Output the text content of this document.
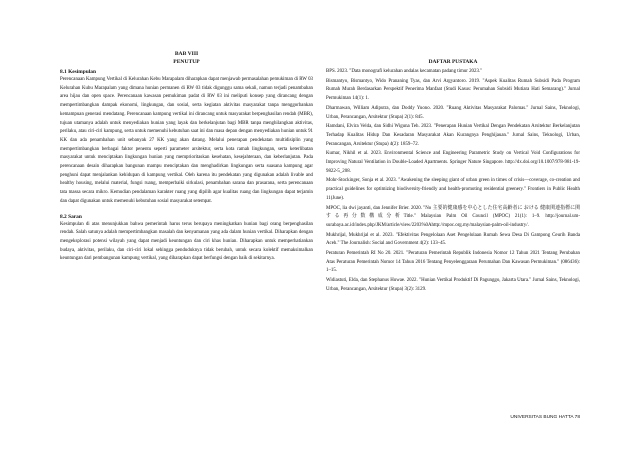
BAB VIII
PENUTUP
8.1 Kesimpulan

Perencanaan Kampung Vertikal di Kelurahan Kebu Marapalam diharapkan dapat menjawab permasalahan pemukiman di RW 03 Kelurahan Kubu Marapalam yang dimana hunian permanen di RW 03 tidak digunggu sama sekali, namun terjadi penambahan area hijau dan open space. Perencanaan kawasan pemukiman padat di RW 03 ini meliputi konsep yang dirancang dengan mempertimbangkan dampak ekonomi, lingkungan, dan sosial, serta kegiatan aktivitas masyarakat tanpa menggorbankan kemampuan generasi mendatang. Perencanaan kampung vertikal ini dirancang untuk masyarakat berpenghasilan rendah (MBR), tujuan utamanya adalah untuk menyediakan hunian yang layak dan berkelanjutan bagi MBR tanpa menghilangkan aktivitas, perilaku, atau ciri-ciri kampung, serta untuk memenuhi kebutuhan saat ini dan masa depan dengan menyediakan hunian untuk 91 KK dan ada penambahan unit sebanyak 27 KK yang akan datang. Melalui penerapan pendekatan multidisiplin yang mempertimbangkan berbagai faktor penentu seperti parameter arsitektur, serta kota ramah lingkungan, serta keterlibatan masyarakat untuk menciptakan lingkungan hunian yang memprioritaskan kesehatan, kesejahteraan, dan keberlanjutan. Pada perencanaan desain diharapkan bangunan mampu menciptakan dan menghadirkan lingkungan serta suasana kampung agar penghuni dapat menjalankan kehidupan di kampung vertikal. Oleh karena itu pendekatan yang digunakan adalah livable and healthy housing, melalui material, fungsi ruang, memperbaiki sirkulasi, penambahan sarana dan prasarana, serta perencanaan tata massa secara mikro. Kemudian pendalaman karakter ruang yang dipilih agar kualitas ruang dan lingkungan dapat terjamin dan dapat digunakan untuk memenuhi kebutuhan sosial masyarakat setempat.

8.2 Saran

Kesimpulan di atas menunjukkan bahwa pemerintah harus terus berupaya meningkatkan hunian bagi orang berpenghasilan rendah. Salah satunya adalah mempertimbangkan masalah dan kenyamanan yang ada dalam hunian vertikal. Diharapkan dengan mengeksplorasi potensi wilayah yang dapat menjadi keuntungan dan ciri khas hunian. Diharapkan untuk memperhatiankan budaya, aktivitas, perilaku, dan ciri-ciri lokal sehingga penduduknya tidak berubah, untuk secara kolektif memaksimalkan keuntungan dari pembangunan kampung vertikal, yang diharapkan dapat berfungsi dengan baik di sekitarnya.

DAFTAR PUSTAKA

BPS. 2023. "Data monografi kelurahan andalas kecamatan padang timur 2023."

Bismantyo, Bismantyo, Wido Prananing Tyas, dan Arvi Argyantoro. 2019. "Aspek Kualitas Rumah Subsidi Pada Program Rumah Murah Berdasarkan Perspektif Penerima Manfaat (Studi Kasus: Perumahan Subsidi Mutiara Hati Semarang)." Jurnal Permukiman 14(1): 1.

Dharmawan, William Adiputra, dan Doddy Yuono. 2020. "Ruang Aktivitas Masyarakat Palomas." Jurnal Sains, Teknologi, Urban, Perancangan, Arsitektur (Stupa) 2(1): 845.

Hamdani, Elvira Velda, dan Sidhi Wiguna Teh. 2023. "Penerapan Hunian Vertikal Dengan Pendekatan Arsitektur Berkelanjutan Terhadap Kualitas Hidup Dan Kesadaran Masyarakat Akan Kurangnya Penghijauan." Jurnal Sains, Teknologi, Urban, Perancangan, Arsitektur (Stupa) 4(2): 1859–72.

Kumar, Nikhil et al. 2023. Environmental Science and Engineering Parametric Study on Vertical Void Configurations for Improving Natural Ventilation in Double-Loaded Apartments. Springer Nature Singapore. http://dx.doi.org/10.1007/978-981-19-9822-5_208.

Mohr-Stockinger, Sonja et al. 2023. "Awakening the sleeping giant of urban green in times of crisis—coverage, co-creation and practical guidelines for optimizing biodiversity-friendly and health-promoting residential greenery." Frontiers in Public Health 11(June).

MPOC, lia dwi jayanti, dan Jennifer Brier. 2020. "No 主要的健康感を中心とした住宅高齢者に おける 健康関連指標に関する再分数構成分析Title." Malaysian Palm Oil Council (MPOC) 21(1): 1–9. http://journal.um-surabaya.ac.id/index.php/JKM/article/view/2203%0Ahttp://mpoc.org.my/malaysian-palm-oil-industry/.

Mukhrijal, Mukhrijal et al. 2023. "Efektivitas Pengelolaan Aset Pengelolaan Rumah Sewa Desa Di Gampong Ceurih Banda Aceh." The Journalish: Social and Government 4(2): 133–45.

Peraturan Pemerintah RI No 20. 2021. "Peraturan Pemerintah Republik Indonesia Nomor 12 Tahun 2021 Tentang Perubahan Atas Peraturan Pemerintah Nomor 14 Tahun 2016 Tentang Penyelenggaraan Perumahan Dan Kawasan Permukiman." (086436): 1–15.

Widiastuti, Elda, dan Stephanus Huwae. 2022. "Hunian Vertikal Produktif Di Pagunggo, Jakarta Utara." Jurnal Sains, Teknologi, Urban, Perancangan, Arsitektur (Stupa) 3(2): 3129.

UNIVERSITAS BUNG HATTA 78
